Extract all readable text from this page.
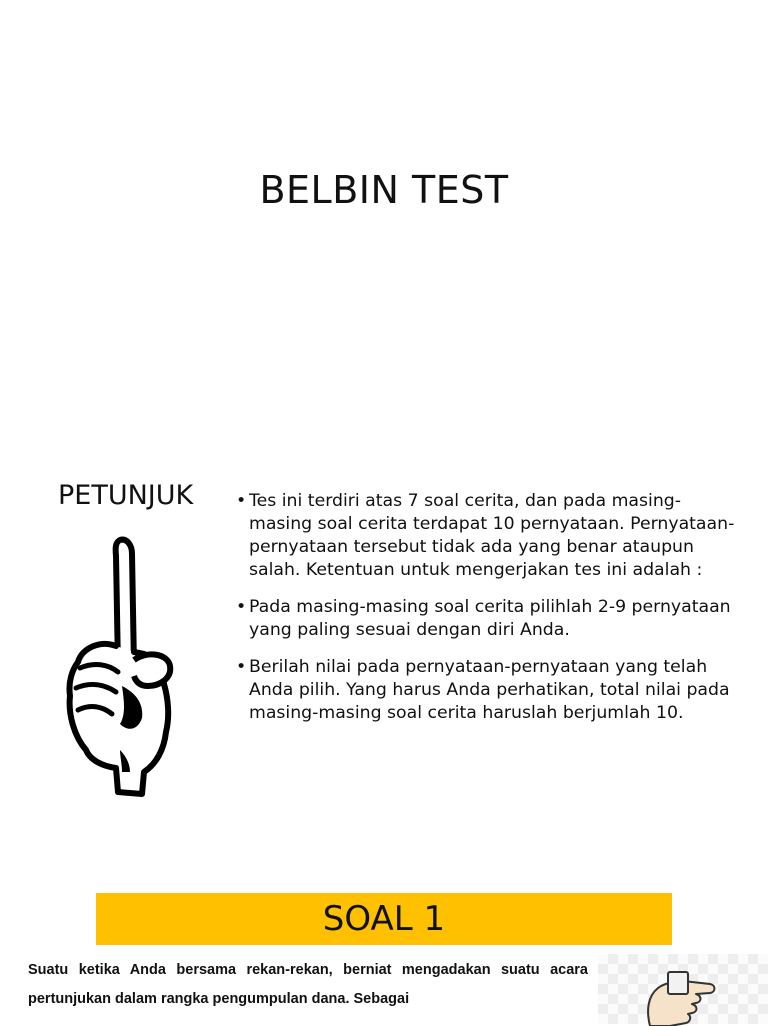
BELBIN TEST
PETUNJUK
•	Tes ini terdiri atas 7 soal cerita, dan pada masing-masing soal cerita terdapat 10 pernyataan. Pernyataan-pernyataan tersebut tidak ada yang benar ataupun salah. Ketentuan untuk mengerjakan tes ini adalah :
• Pada masing-masing soal cerita pilihlah 2-9 pernyataan yang paling sesuai dengan diri Anda.
• Berilah nilai pada pernyataan-pernyataan yang telah Anda pilih. Yang harus Anda perhatikan, total nilai pada masing-masing soal cerita haruslah berjumlah 10.
SOAL 1
Suatu ketika Anda bersama rekan-rekan, berniat mengadakan suatu acara pertunjukan dalam rangka pengumpulan dana. Sebagai
